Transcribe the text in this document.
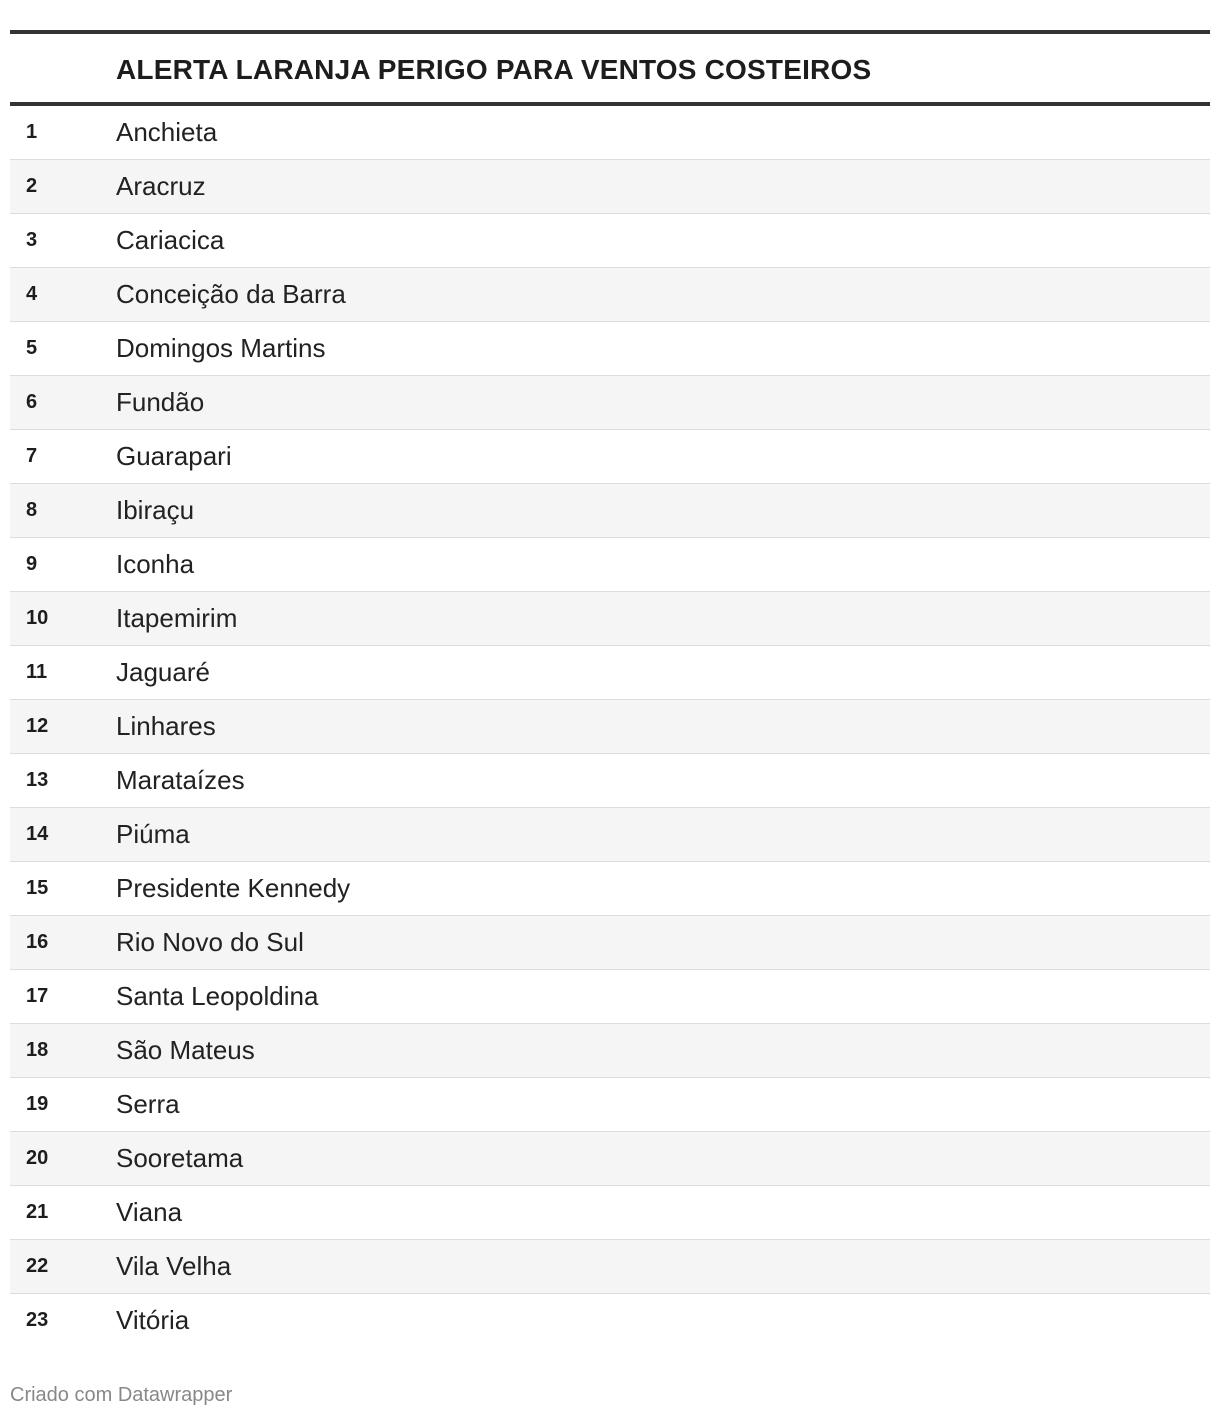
ALERTA LARANJA PERIGO PARA VENTOS COSTEIROS
1	Anchieta
2	Aracruz
3	Cariacica
4	Conceição da Barra
5	Domingos Martins
6	Fundão
7	Guarapari
8	Ibiraçu
9	Iconha
10	Itapemirim
11	Jaguaré
12	Linhares
13	Marataízes
14	Piúma
15	Presidente Kennedy
16	Rio Novo do Sul
17	Santa Leopoldina
18	São Mateus
19	Serra
20	Sooretama
21	Viana
22	Vila Velha
23	Vitória
Criado com Datawrapper
